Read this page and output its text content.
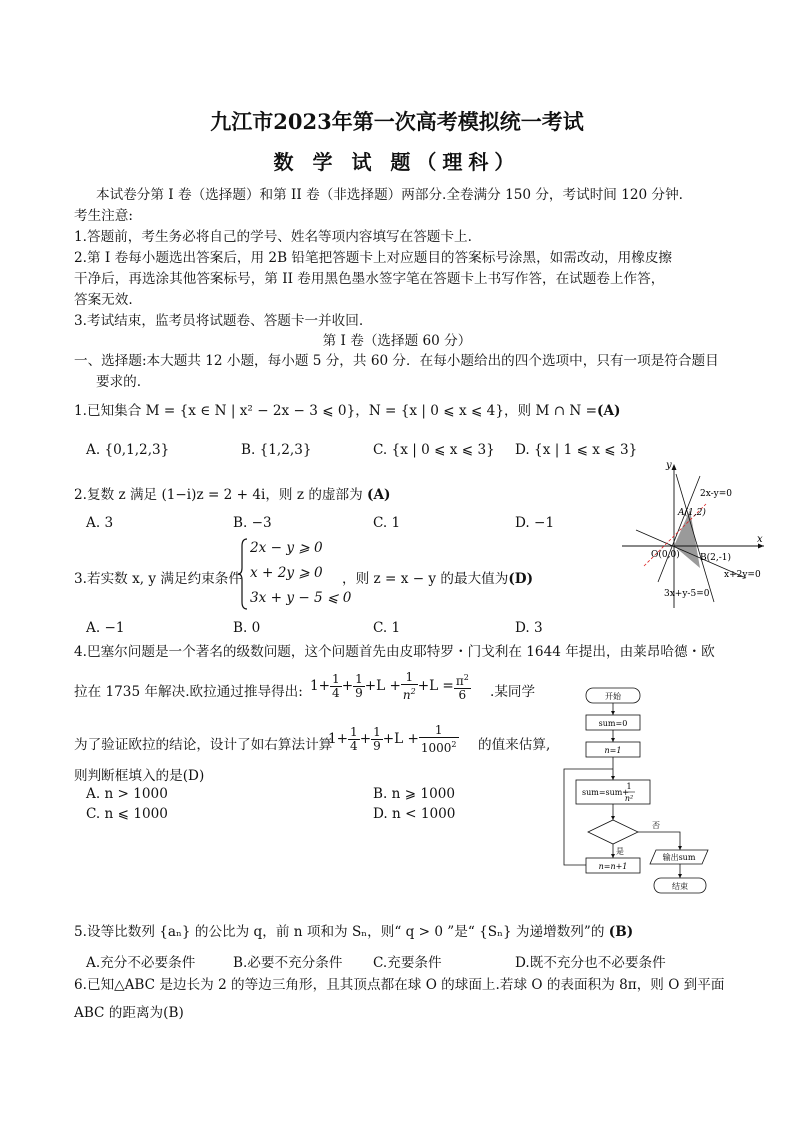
九江市2023年第一次高考模拟统一考试
数 学 试 题（理科）
本试卷分第 I 卷（选择题）和第 II 卷（非选择题）两部分.全卷满分 150 分，考试时间 120 分钟.
考生注意:
1.答题前，考生务必将自己的学号、姓名等项内容填写在答题卡上.
2.第 I 卷每小题选出答案后，用 2B 铅笔把答题卡上对应题目的答案标号涂黑，如需改动，用橡皮擦
干净后，再选涂其他答案标号，第 II 卷用黑色墨水签字笔在答题卡上书写作答，在试题卷上作答，
答案无效.
3.考试结束，监考员将试题卷、答题卡一并收回.
第 I 卷（选择题 60 分）
一、选择题:本大题共 12 小题，每小题 5 分，共 60 分．在每小题给出的四个选项中，只有一项是符合题目
要求的.
1.已知集合 M = {x ∈ N | x² − 2x − 3 ⩽ 0}，N = {x | 0 ⩽ x ⩽ 4}，则 M ∩ N =(A)
A. {0,1,2,3}	B. {1,2,3}	C. {x | 0 ⩽ x ⩽ 3} D. {x | 1 ⩽ x ⩽ 3}
2.复数 z 满足 (1−i)z = 2 + 4i，则 z 的虚部为 (A)
A. 3	B. −3	C. 1	D. −1
3.若实数 x, y 满足约束条件
2x − y ⩾ 0
x + 2y ⩾ 0
3x + y − 5 ⩽ 0
，则 z = x − y 的最大值为(D)
A. −1	B. 0	C. 1	D. 3
y
x
2x-y=0
A(1,2)
O(0,0) B(2,-1)
x+2y=0
3x+y-5=0
4.巴塞尔问题是一个著名的级数问题，这个问题首先由皮耶特罗・门戈利在 1644 年提出，由莱昂哈德・欧
拉在 1735 年解决.欧拉通过推导得出: $1+ \frac{1}{4} + \frac{1}{9} +L + \frac{1}{n^2} +L = \frac{\pi^2}{6}$ .某同学
为了验证欧拉的结论，设计了如右算法计算
$1+ \frac{1}{4} + \frac{1}{9} +L + \frac{1}{1000^2}$ 的值来估算,
则判断框填入的是(D)
A. n > 1000	B. n ⩾ 1000
C. n ⩽ 1000	D. n < 1000
开始
sum=0
n=1
sum=sum+
1
n²
否
是
n=n+1
输出sum
结束
5.设等比数列 {aₙ} 的公比为 q，前 n 项和为 Sₙ，则“ q > 0 ”是“ {Sₙ} 为递增数列”的 (B)
A.充分不必要条件	B.必要不充分条件 C.充要条件	D.既不充分也不必要条件
6.已知△ABC 是边长为 2 的等边三角形，且其顶点都在球 O 的球面上.若球 O 的表面积为 8π，则 O 到平面
ABC 的距离为(B)
